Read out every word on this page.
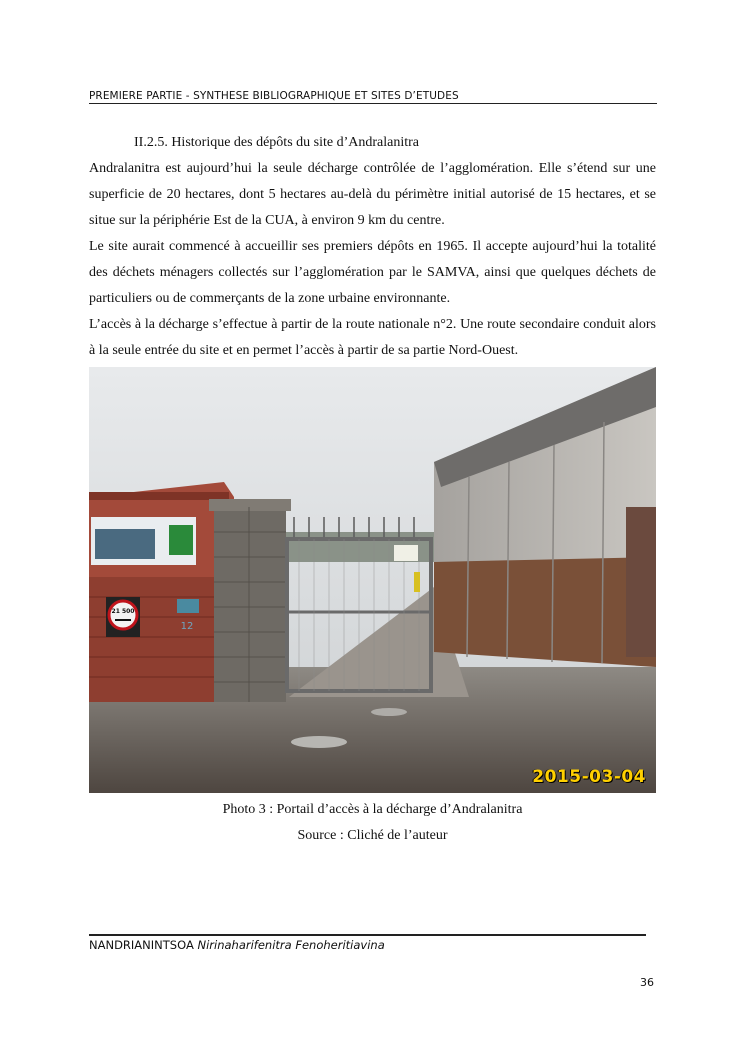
PREMIERE PARTIE - SYNTHESE BIBLIOGRAPHIQUE ET SITES D’ETUDES

II.2.5. Historique des dépôts du site d’Andralanitra

Andralanitra est aujourd’hui la seule décharge contrôlée de l’agglomération. Elle s’étend sur une superficie de 20 hectares, dont 5 hectares au-delà du périmètre initial autorisé de 15 hectares, et se situe sur la périphérie Est de la CUA, à environ 9 km du centre.

Le site aurait commencé à accueillir ses premiers dépôts en 1965. Il accepte aujourd’hui la totalité des déchets ménagers collectés sur l’agglomération par le SAMVA, ainsi que quelques déchets de particuliers ou de commerçants de la zone urbaine environnante.

L’accès à la décharge s’effectue à partir de la route nationale n°2. Une route secondaire conduit alors à la seule entrée du site et en permet l’accès à partir de sa partie Nord-Ouest.

21 500
12
2015-03-04
Photo 3 : Portail d’accès à la décharge d’Andralanitra
Source : Cliché de l’auteur
NANDRIANINTSOA Nirinaharifenitra Fenoheritiavina
36
